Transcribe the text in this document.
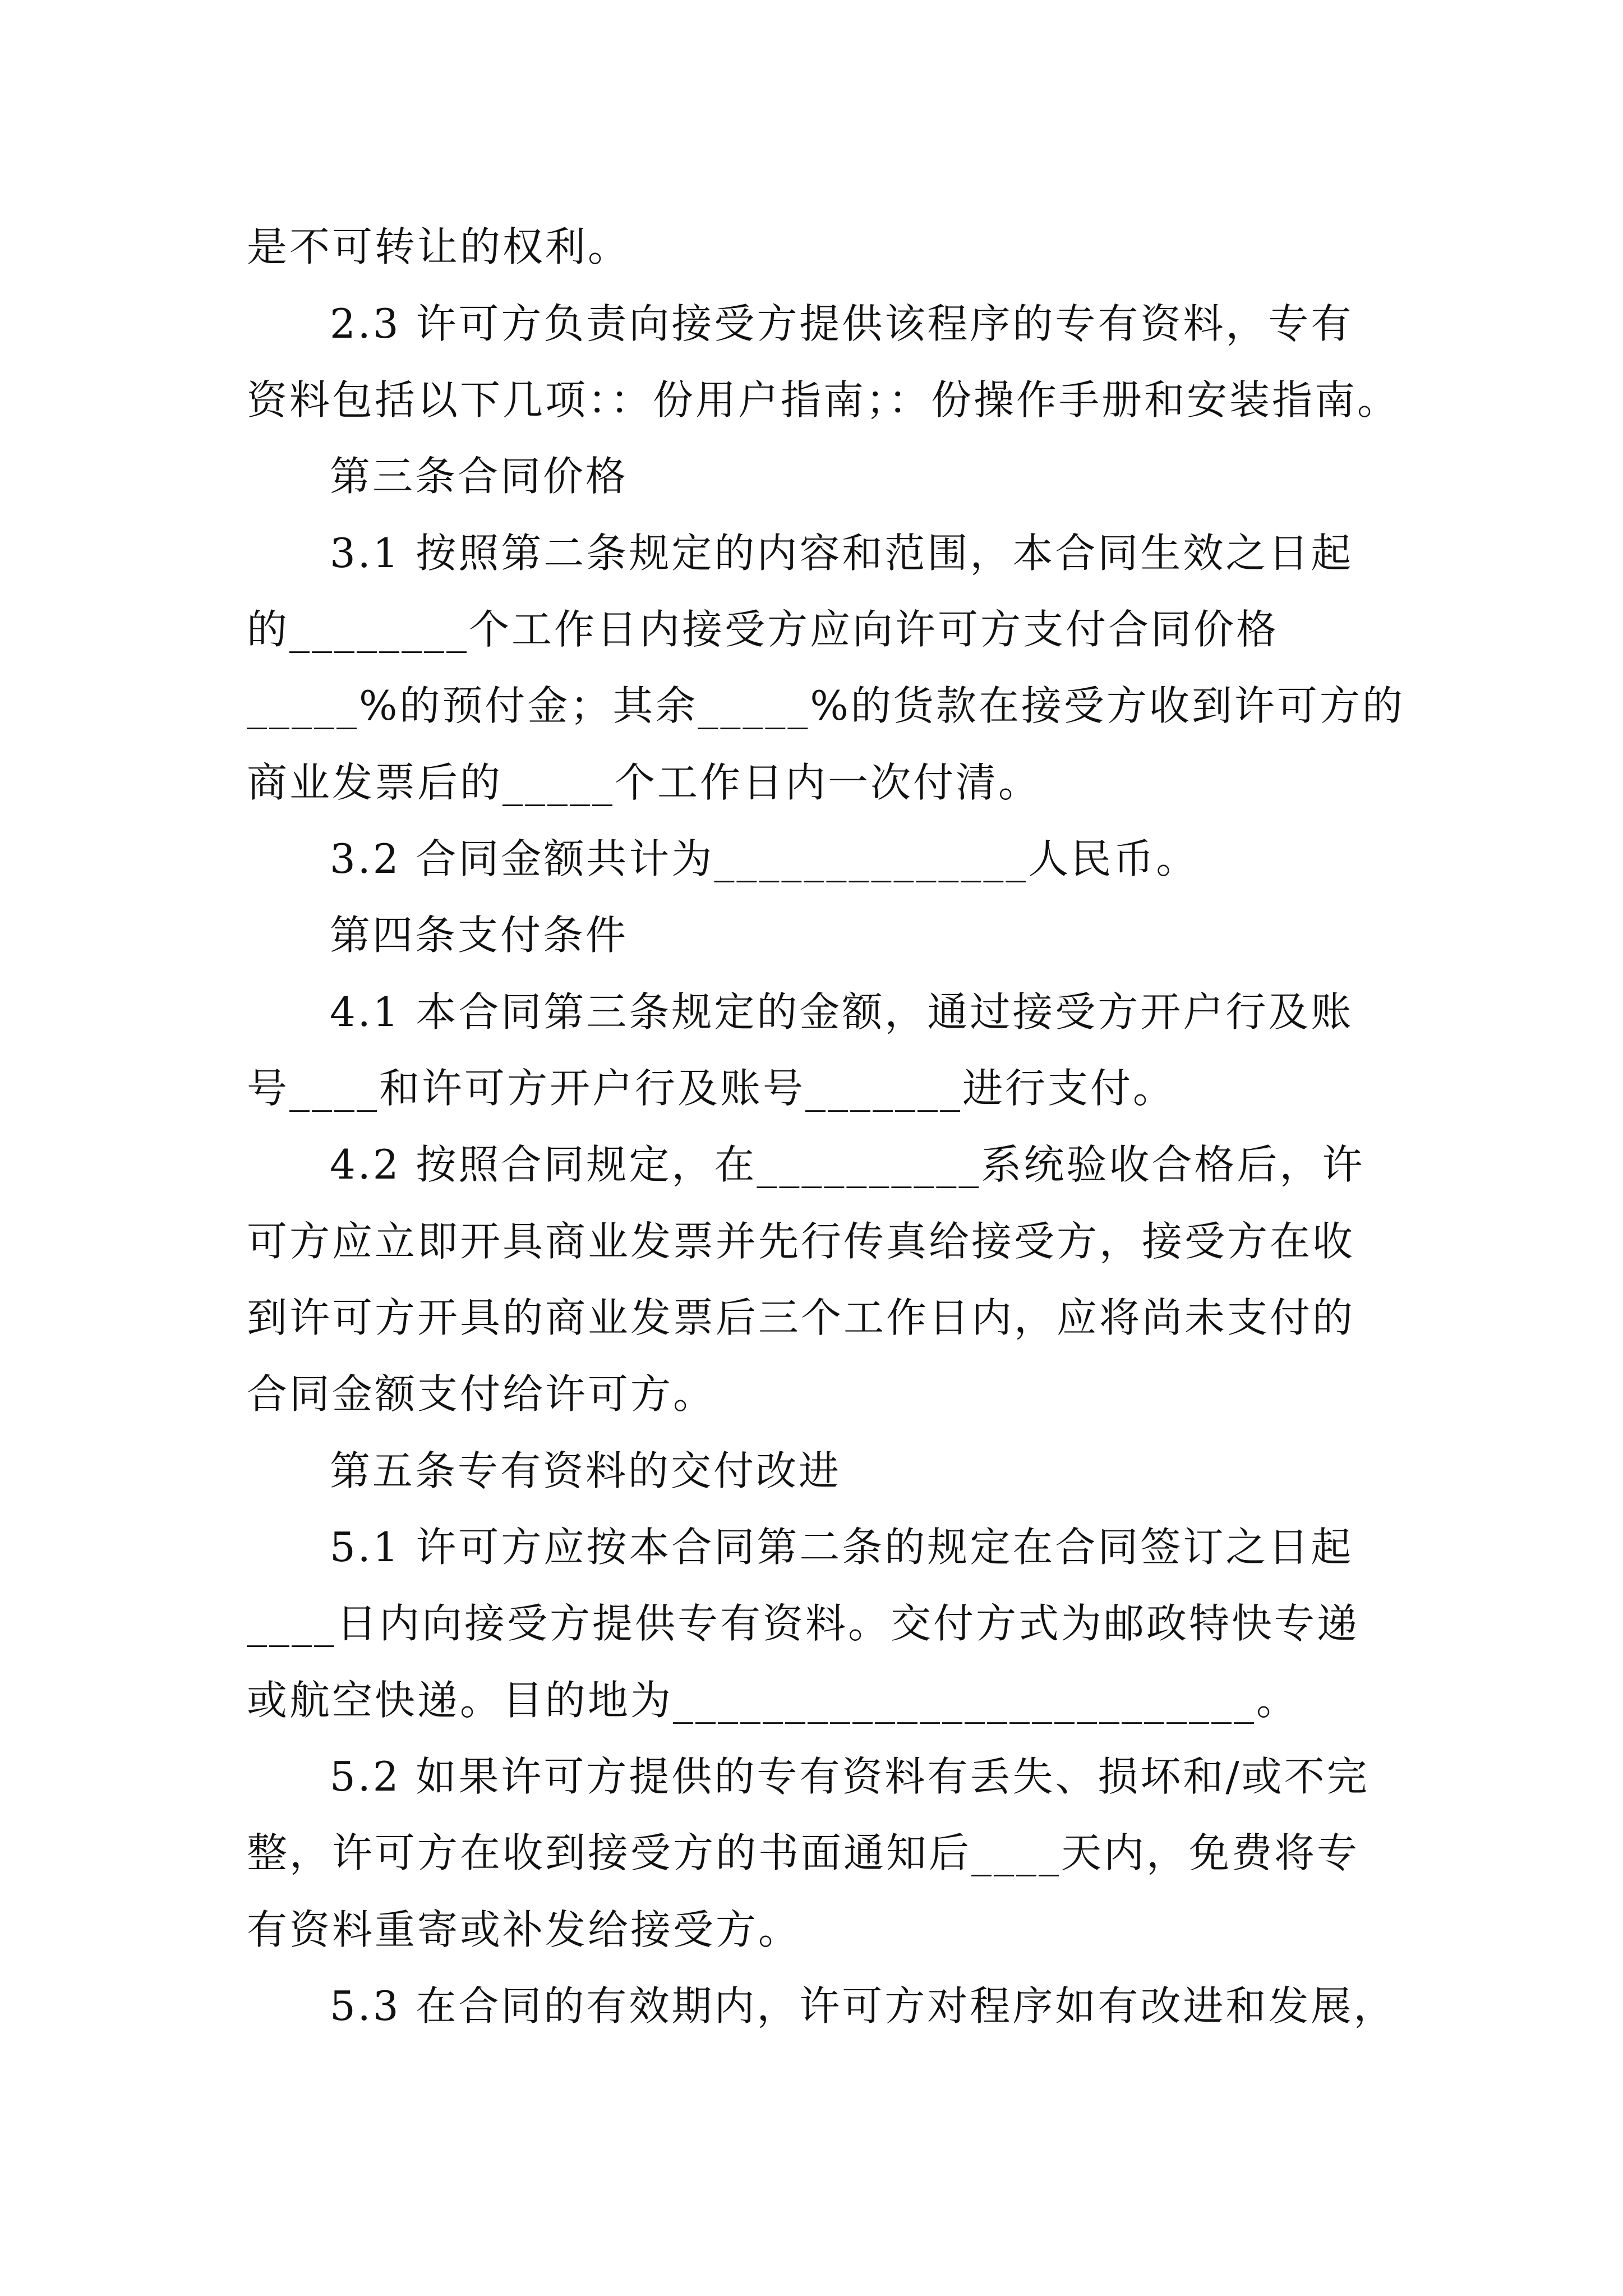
是不可转让的权利。
2.3 许可方负责向接受方提供该程序的专有资料，专有
资料包括以下几项：：份用户指南；：份操作手册和安装指南。
第三条合同价格
3.1 按照第二条规定的内容和范围，本合同生效之日起
的________个工作日内接受方应向许可方支付合同价格
_____%的预付金；其余_____%的货款在接受方收到许可方的
商业发票后的_____个工作日内一次付清。
3.2 合同金额共计为______________人民币。
第四条支付条件
4.1 本合同第三条规定的金额，通过接受方开户行及账
号____和许可方开户行及账号_______进行支付。
4.2 按照合同规定，在__________系统验收合格后，许
可方应立即开具商业发票并先行传真给接受方，接受方在收
到许可方开具的商业发票后三个工作日内，应将尚未支付的
合同金额支付给许可方。
第五条专有资料的交付改进
5.1 许可方应按本合同第二条的规定在合同签订之日起
____日内向接受方提供专有资料。交付方式为邮政特快专递
或航空快递。目的地为__________________________。
5.2 如果许可方提供的专有资料有丢失、损坏和/或不完
整，许可方在收到接受方的书面通知后____天内，免费将专
有资料重寄或补发给接受方。
5.3 在合同的有效期内，许可方对程序如有改进和发展，
